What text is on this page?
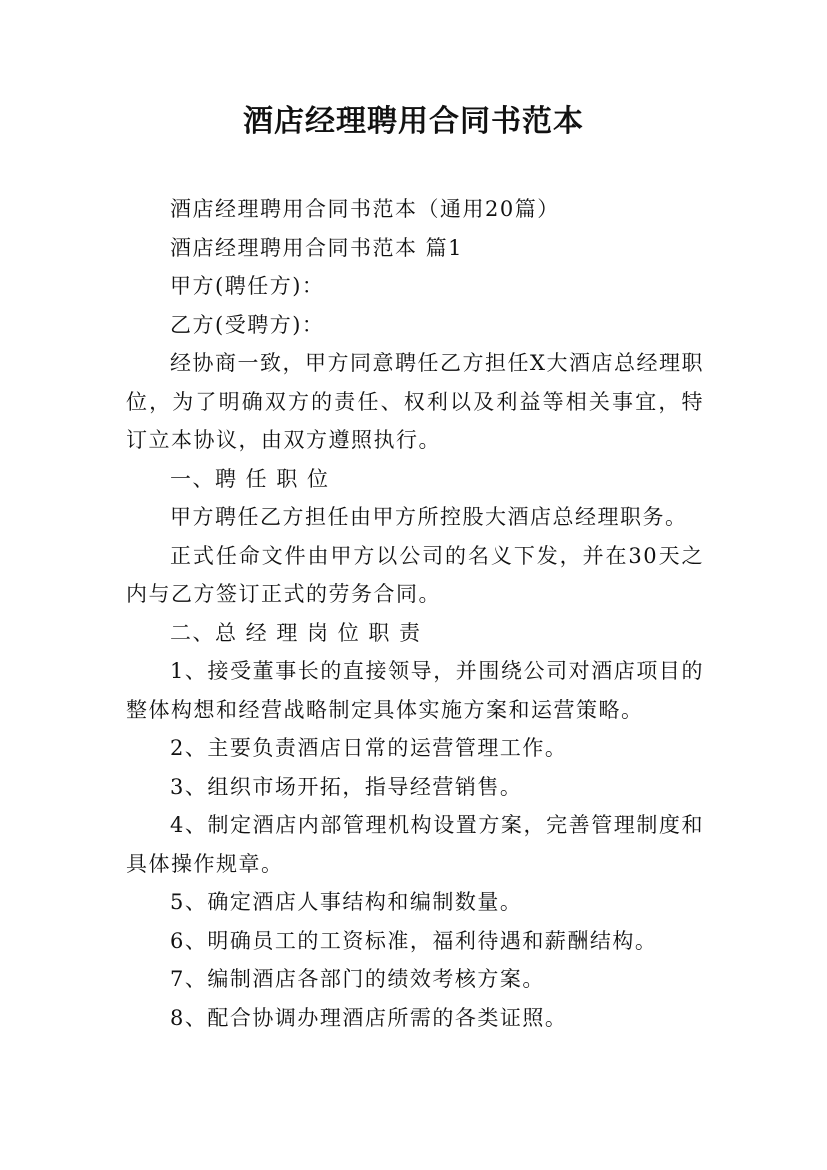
酒店经理聘用合同书范本

酒店经理聘用合同书范本（通用20篇）

酒店经理聘用合同书范本 篇1

甲方(聘任方)：

乙方(受聘方)：

经协商一致，甲方同意聘任乙方担任X大酒店总经理职位，为了明确双方的责任、权利以及利益等相关事宜，特订立本协议，由双方遵照执行。

一、聘 任 职 位

甲方聘任乙方担任由甲方所控股大酒店总经理职务。

正式任命文件由甲方以公司的名义下发，并在30天之内与乙方签订正式的劳务合同。

二、总 经 理 岗 位 职 责

1、接受董事长的直接领导，并围绕公司对酒店项目的整体构想和经营战略制定具体实施方案和运营策略。

2、主要负责酒店日常的运营管理工作。

3、组织市场开拓，指导经营销售。

4、制定酒店内部管理机构设置方案，完善管理制度和具体操作规章。

5、确定酒店人事结构和编制数量。

6、明确员工的工资标准，福利待遇和薪酬结构。

7、编制酒店各部门的绩效考核方案。

8、配合协调办理酒店所需的各类证照。
